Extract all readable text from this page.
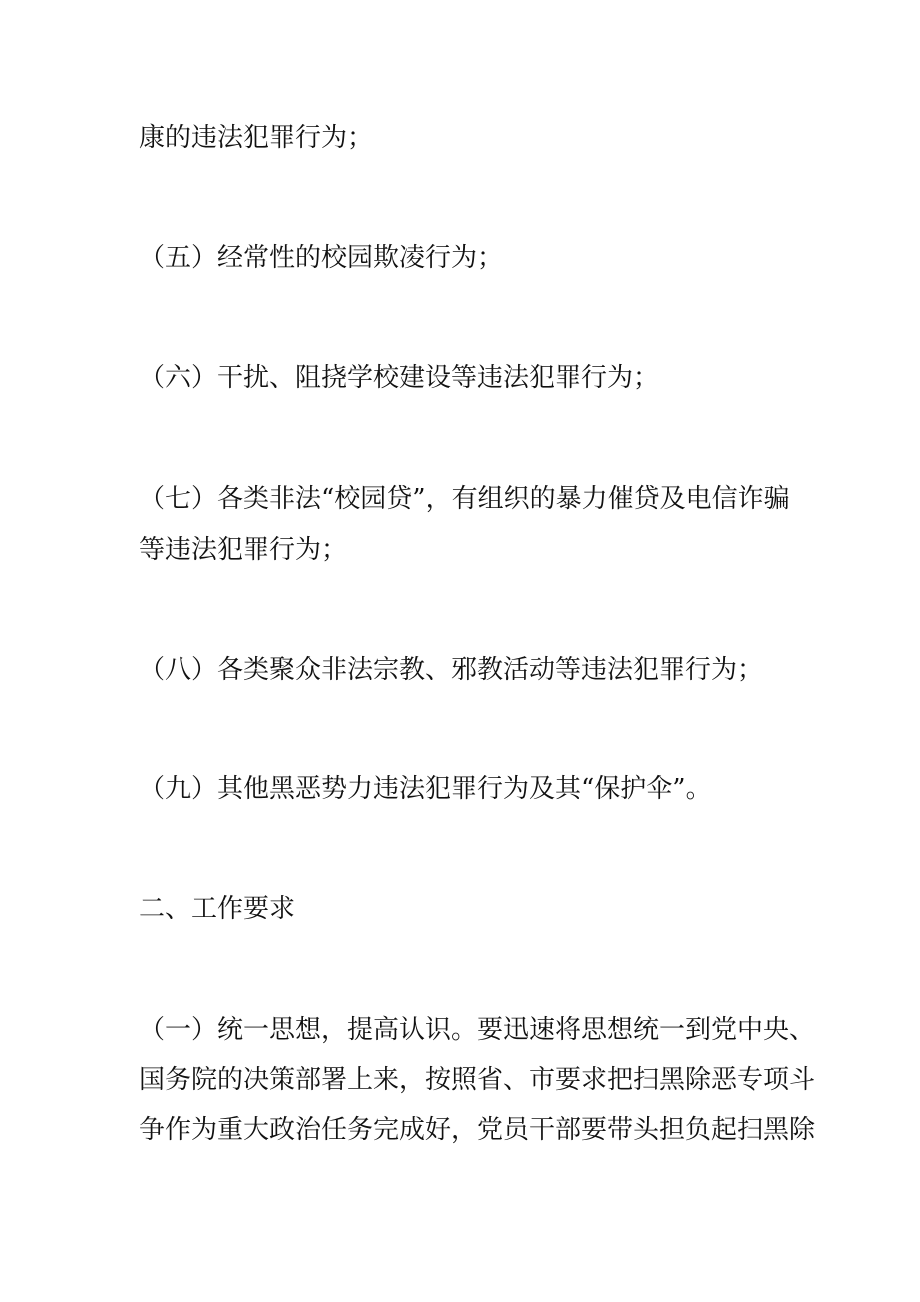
康的违法犯罪行为；

（五）经常性的校园欺凌行为；

（六）干扰、阻挠学校建设等违法犯罪行为；

（七）各类非法“校园贷”，有组织的暴力催贷及电信诈骗

等违法犯罪行为；

（八）各类聚众非法宗教、邪教活动等违法犯罪行为；

（九）其他黑恶势力违法犯罪行为及其“保护伞”。

二、工作要求

（一）统一思想，提高认识。要迅速将思想统一到党中央、

国务院的决策部署上来，按照省、市要求把扫黑除恶专项斗

争作为重大政治任务完成好，党员干部要带头担负起扫黑除
